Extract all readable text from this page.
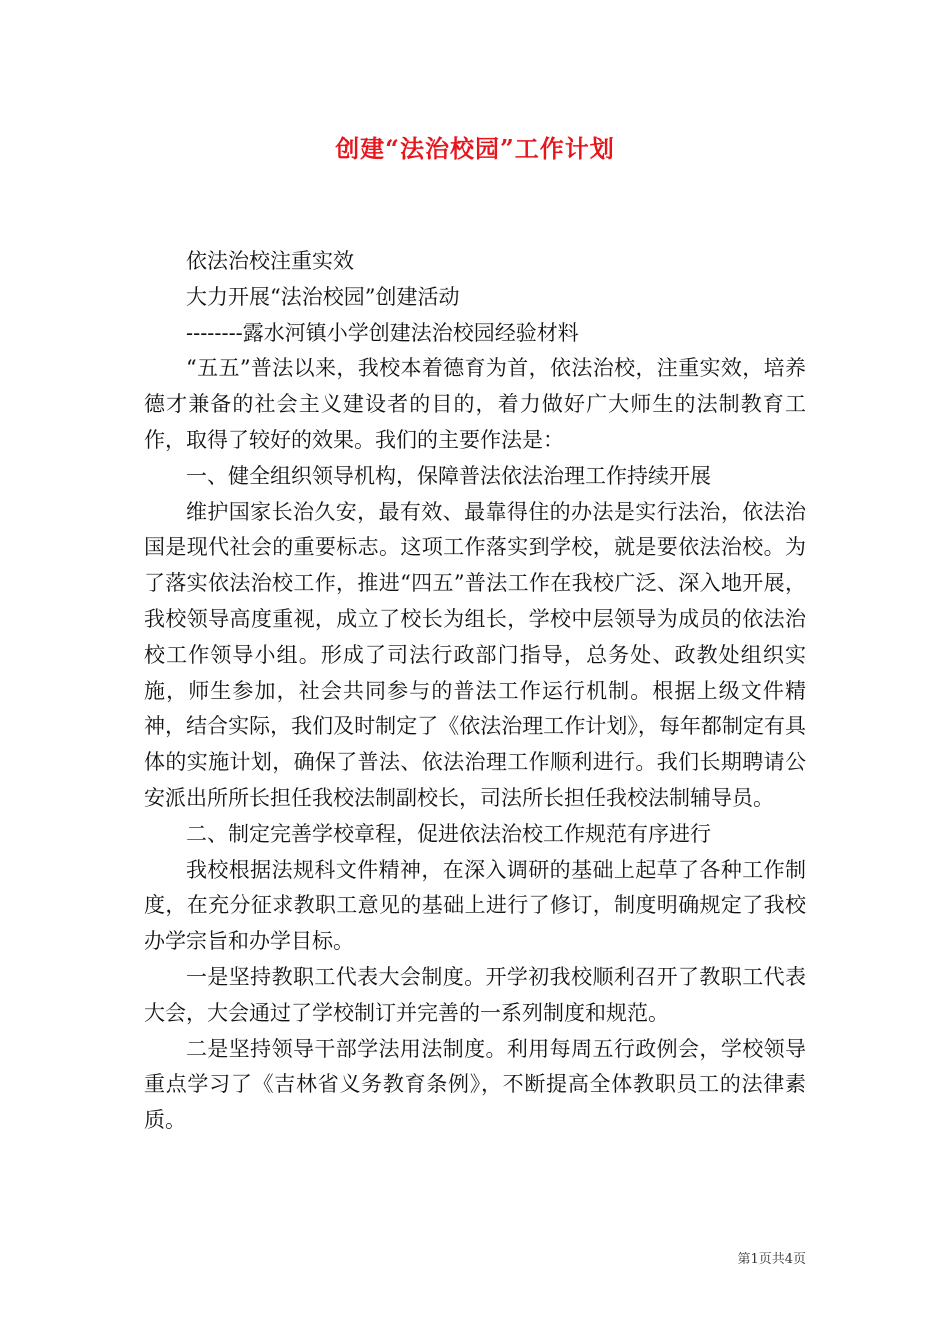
创建“法治校园”工作计划

依法治校注重实效

大力开展“法治校园”创建活动

--------露水河镇小学创建法治校园经验材料

“五五”普法以来，我校本着德育为首，依法治校，注重实效，培养德才兼备的社会主义建设者的目的，着力做好广大师生的法制教育工作，取得了较好的效果。我们的主要作法是：

一、健全组织领导机构，保障普法依法治理工作持续开展

维护国家长治久安，最有效、最靠得住的办法是实行法治，依法治国是现代社会的重要标志。这项工作落实到学校，就是要依法治校。为了落实依法治校工作，推进“四五”普法工作在我校广泛、深入地开展，我校领导高度重视，成立了校长为组长，学校中层领导为成员的依法治校工作领导小组。形成了司法行政部门指导，总务处、政教处组织实施，师生参加，社会共同参与的普法工作运行机制。根据上级文件精神，结合实际，我们及时制定了《依法治理工作计划》，每年都制定有具体的实施计划，确保了普法、依法治理工作顺利进行。我们长期聘请公安派出所所长担任我校法制副校长，司法所长担任我校法制辅导员。

二、制定完善学校章程，促进依法治校工作规范有序进行

我校根据法规科文件精神，在深入调研的基础上起草了各种工作制度，在充分征求教职工意见的基础上进行了修订，制度明确规定了我校办学宗旨和办学目标。

一是坚持教职工代表大会制度。开学初我校顺利召开了教职工代表大会，大会通过了学校制订并完善的一系列制度和规范。

二是坚持领导干部学法用法制度。利用每周五行政例会，学校领导重点学习了《吉林省义务教育条例》，不断提高全体教职员工的法律素质。

第1页共4页
